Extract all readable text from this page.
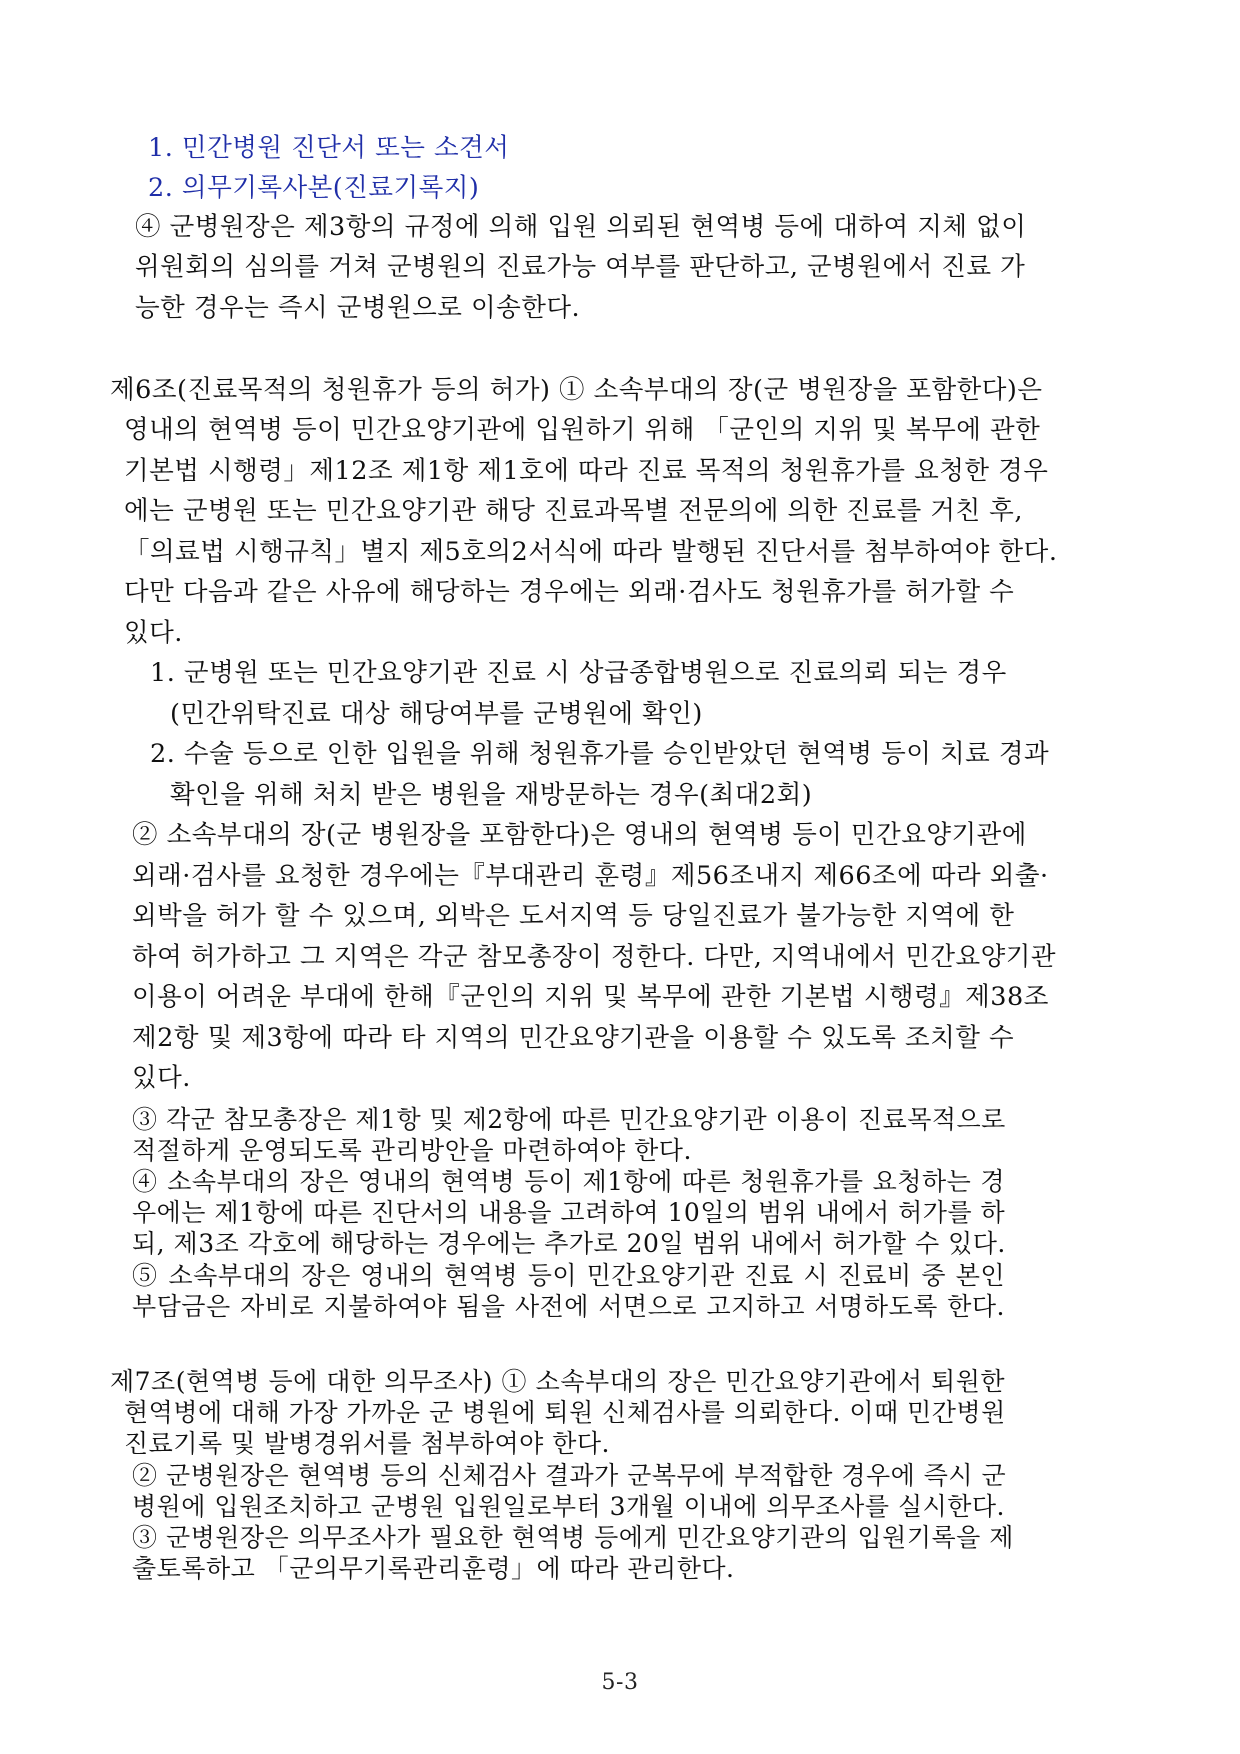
1. 민간병원 진단서 또는 소견서

2. 의무기록사본(진료기록지)

④ 군병원장은 제3항의 규정에 의해 입원 의뢰된 현역병 등에 대하여 지체 없이

위원회의 심의를 거쳐 군병원의 진료가능 여부를 판단하고, 군병원에서 진료 가

능한 경우는 즉시 군병원으로 이송한다.

제6조(진료목적의 청원휴가 등의 허가) ① 소속부대의 장(군 병원장을 포함한다)은

영내의 현역병 등이 민간요양기관에 입원하기 위해 「군인의 지위 및 복무에 관한

기본법 시행령」제12조 제1항 제1호에 따라 진료 목적의 청원휴가를 요청한 경우

에는 군병원 또는 민간요양기관 해당 진료과목별 전문의에 의한 진료를 거친 후,

「의료법 시행규칙」별지 제5호의2서식에 따라 발행된 진단서를 첨부하여야 한다.

다만 다음과 같은 사유에 해당하는 경우에는 외래·검사도 청원휴가를 허가할 수

있다.

1. 군병원 또는 민간요양기관 진료 시 상급종합병원으로 진료의뢰 되는 경우

(민간위탁진료 대상 해당여부를 군병원에 확인)

2. 수술 등으로 인한 입원을 위해 청원휴가를 승인받았던 현역병 등이 치료 경과

확인을 위해 처치 받은 병원을 재방문하는 경우(최대2회)

② 소속부대의 장(군 병원장을 포함한다)은 영내의 현역병 등이 민간요양기관에

외래·검사를 요청한 경우에는『부대관리 훈령』제56조내지 제66조에 따라 외출·

외박을 허가 할 수 있으며, 외박은 도서지역 등 당일진료가 불가능한 지역에 한

하여 허가하고 그 지역은 각군 참모총장이 정한다. 다만, 지역내에서 민간요양기관

이용이 어려운 부대에 한해『군인의 지위 및 복무에 관한 기본법 시행령』제38조

제2항 및 제3항에 따라 타 지역의 민간요양기관을 이용할 수 있도록 조치할 수

있다.

③ 각군 참모총장은 제1항 및 제2항에 따른 민간요양기관 이용이 진료목적으로

적절하게 운영되도록 관리방안을 마련하여야 한다.

④ 소속부대의 장은 영내의 현역병 등이 제1항에 따른 청원휴가를 요청하는 경

우에는 제1항에 따른 진단서의 내용을 고려하여 10일의 범위 내에서 허가를 하

되, 제3조 각호에 해당하는 경우에는 추가로 20일 범위 내에서 허가할 수 있다.

⑤ 소속부대의 장은 영내의 현역병 등이 민간요양기관 진료 시 진료비 중 본인

부담금은 자비로 지불하여야 됨을 사전에 서면으로 고지하고 서명하도록 한다.

제7조(현역병 등에 대한 의무조사) ① 소속부대의 장은 민간요양기관에서 퇴원한

현역병에 대해 가장 가까운 군 병원에 퇴원 신체검사를 의뢰한다. 이때 민간병원

진료기록 및 발병경위서를 첨부하여야 한다.

② 군병원장은 현역병 등의 신체검사 결과가 군복무에 부적합한 경우에 즉시 군

병원에 입원조치하고 군병원 입원일로부터 3개월 이내에 의무조사를 실시한다.

③ 군병원장은 의무조사가 필요한 현역병 등에게 민간요양기관의 입원기록을 제

출토록하고 「군의무기록관리훈령」에 따라 관리한다.

5-3
